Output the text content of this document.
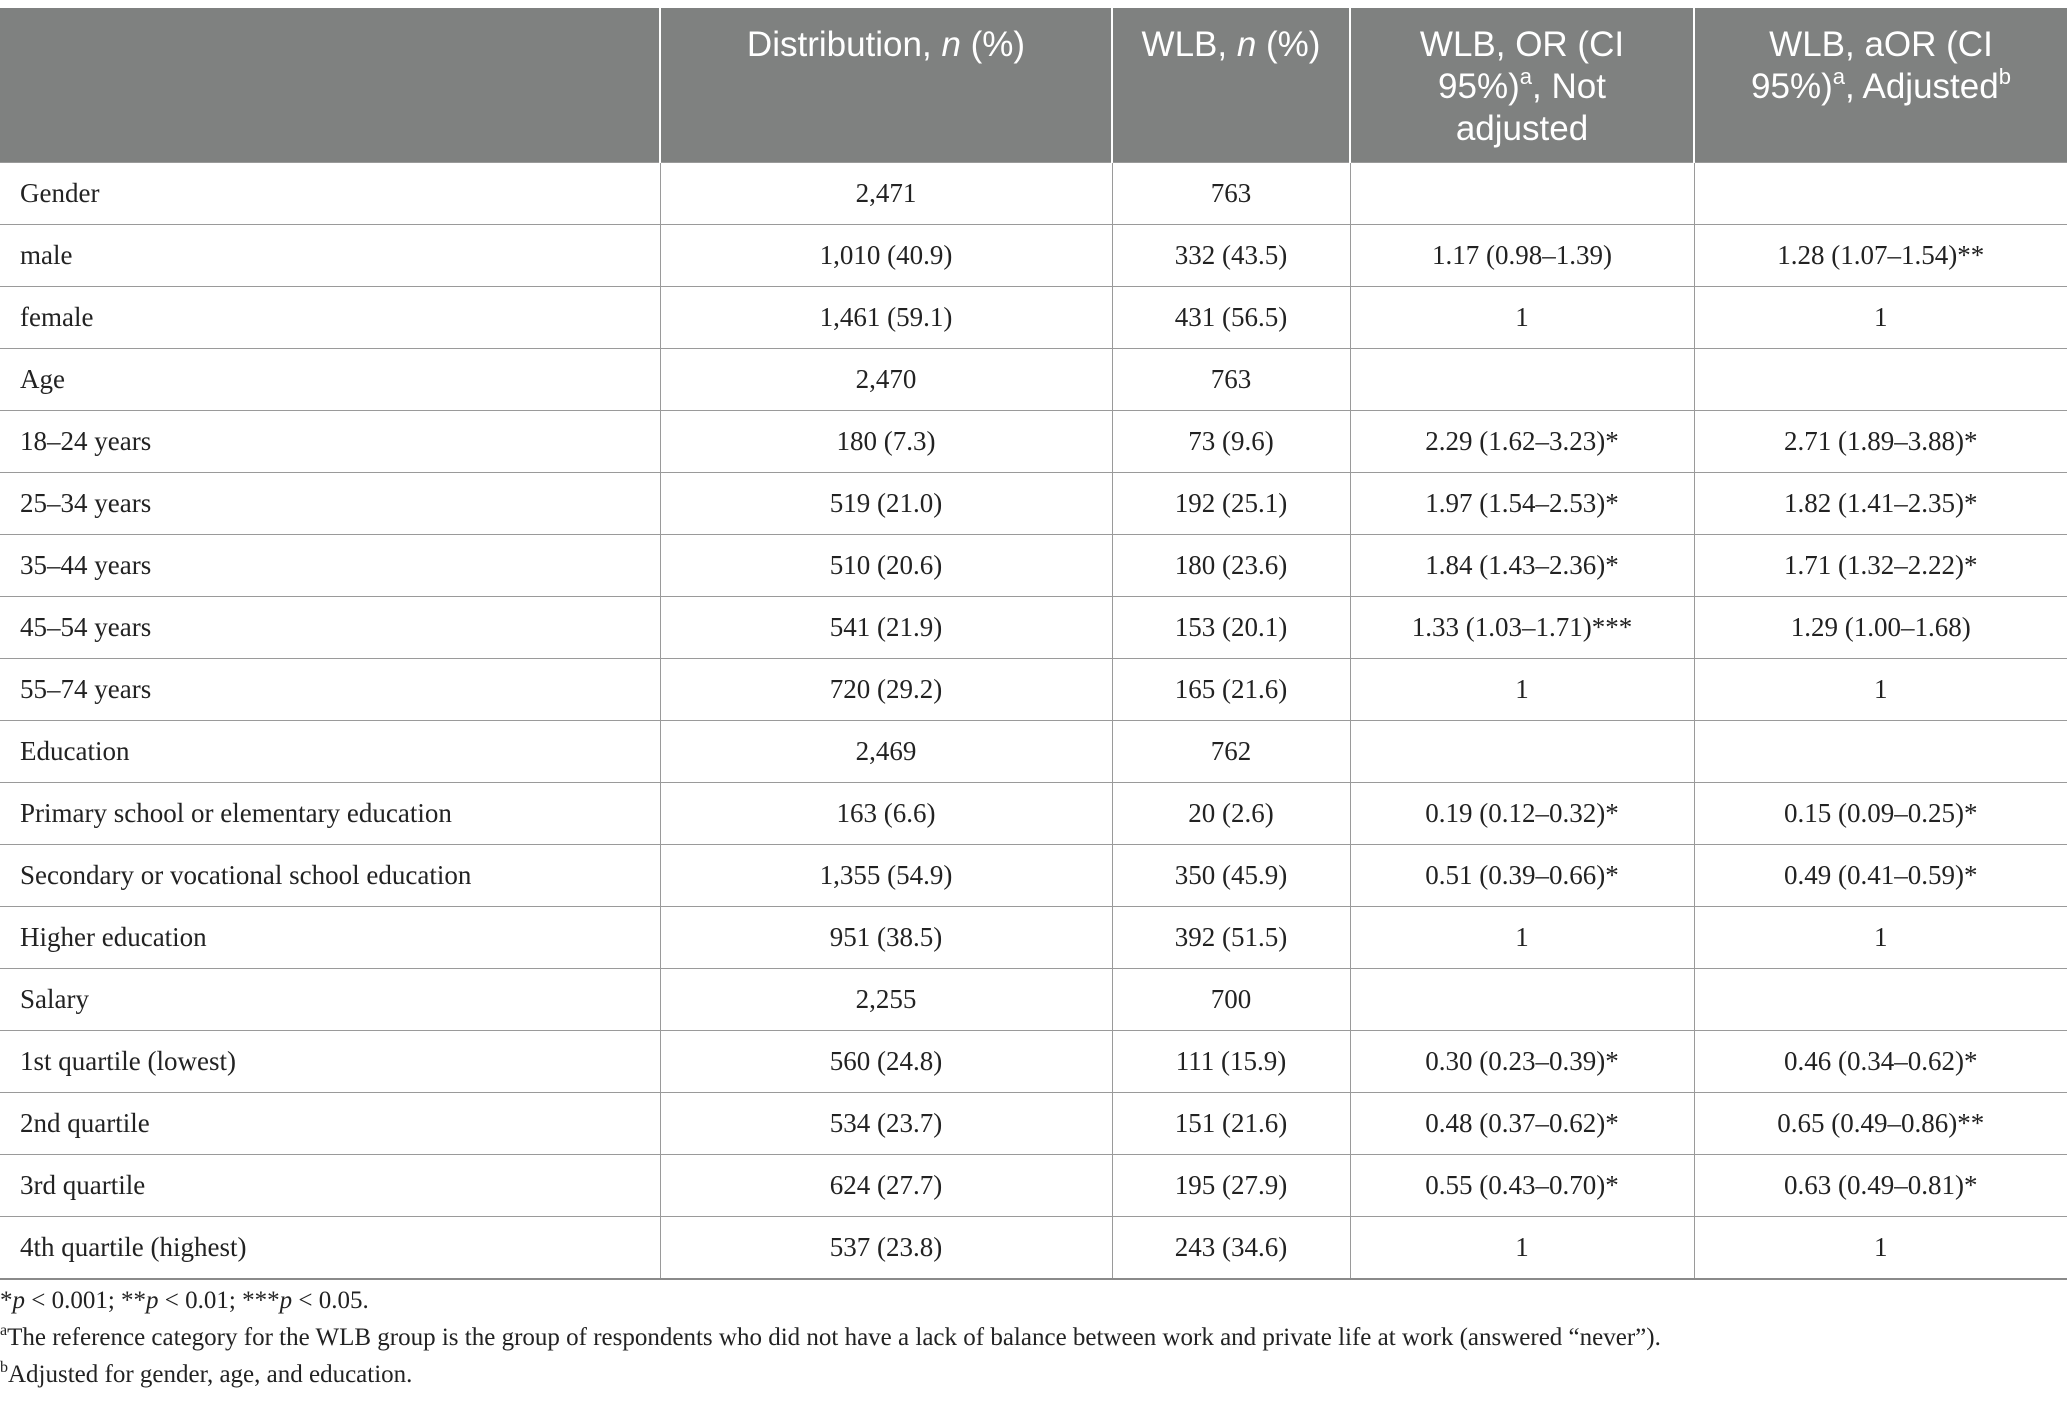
	Distribution, n (%)	WLB, n (%)	WLB, OR (CI 95%)$^a$, Not adjusted	WLB, aOR (CI 95%)$^a$, Adjusted$^b$
Gender	2,471	763		
male	1,010 (40.9)	332 (43.5)	1.17 (0.98–1.39)	1.28 (1.07–1.54)**
female	1,461 (59.1)	431 (56.5)	1	1
Age	2,470	763		
18–24 years	180 (7.3)	73 (9.6)	2.29 (1.62–3.23)*	2.71 (1.89–3.88)*
25–34 years	519 (21.0)	192 (25.1)	1.97 (1.54–2.53)*	1.82 (1.41–2.35)*
35–44 years	510 (20.6)	180 (23.6)	1.84 (1.43–2.36)*	1.71 (1.32–2.22)*
45–54 years	541 (21.9)	153 (20.1)	1.33 (1.03–1.71)***	1.29 (1.00–1.68)
55–74 years	720 (29.2)	165 (21.6)	1	1
Education	2,469	762		
Primary school or elementary education	163 (6.6)	20 (2.6)	0.19 (0.12–0.32)*	0.15 (0.09–0.25)*
Secondary or vocational school education	1,355 (54.9)	350 (45.9)	0.51 (0.39–0.66)*	0.49 (0.41–0.59)*
Higher education	951 (38.5)	392 (51.5)	1	1
Salary	2,255	700		
1st quartile (lowest)	560 (24.8)	111 (15.9)	0.30 (0.23–0.39)*	0.46 (0.34–0.62)*
2nd quartile	534 (23.7)	151 (21.6)	0.48 (0.37–0.62)*	0.65 (0.49–0.86)**
3rd quartile	624 (27.7)	195 (27.9)	0.55 (0.43–0.70)*	0.63 (0.49–0.81)*
4th quartile (highest)	537 (23.8)	243 (34.6)	1	1

*p < 0.001; **p < 0.01; ***p < 0.05.

$^a$The reference category for the WLB group is the group of respondents who did not have a lack of balance between work and private life at work (answered “never”).

$^b$Adjusted for gender, age, and education.
